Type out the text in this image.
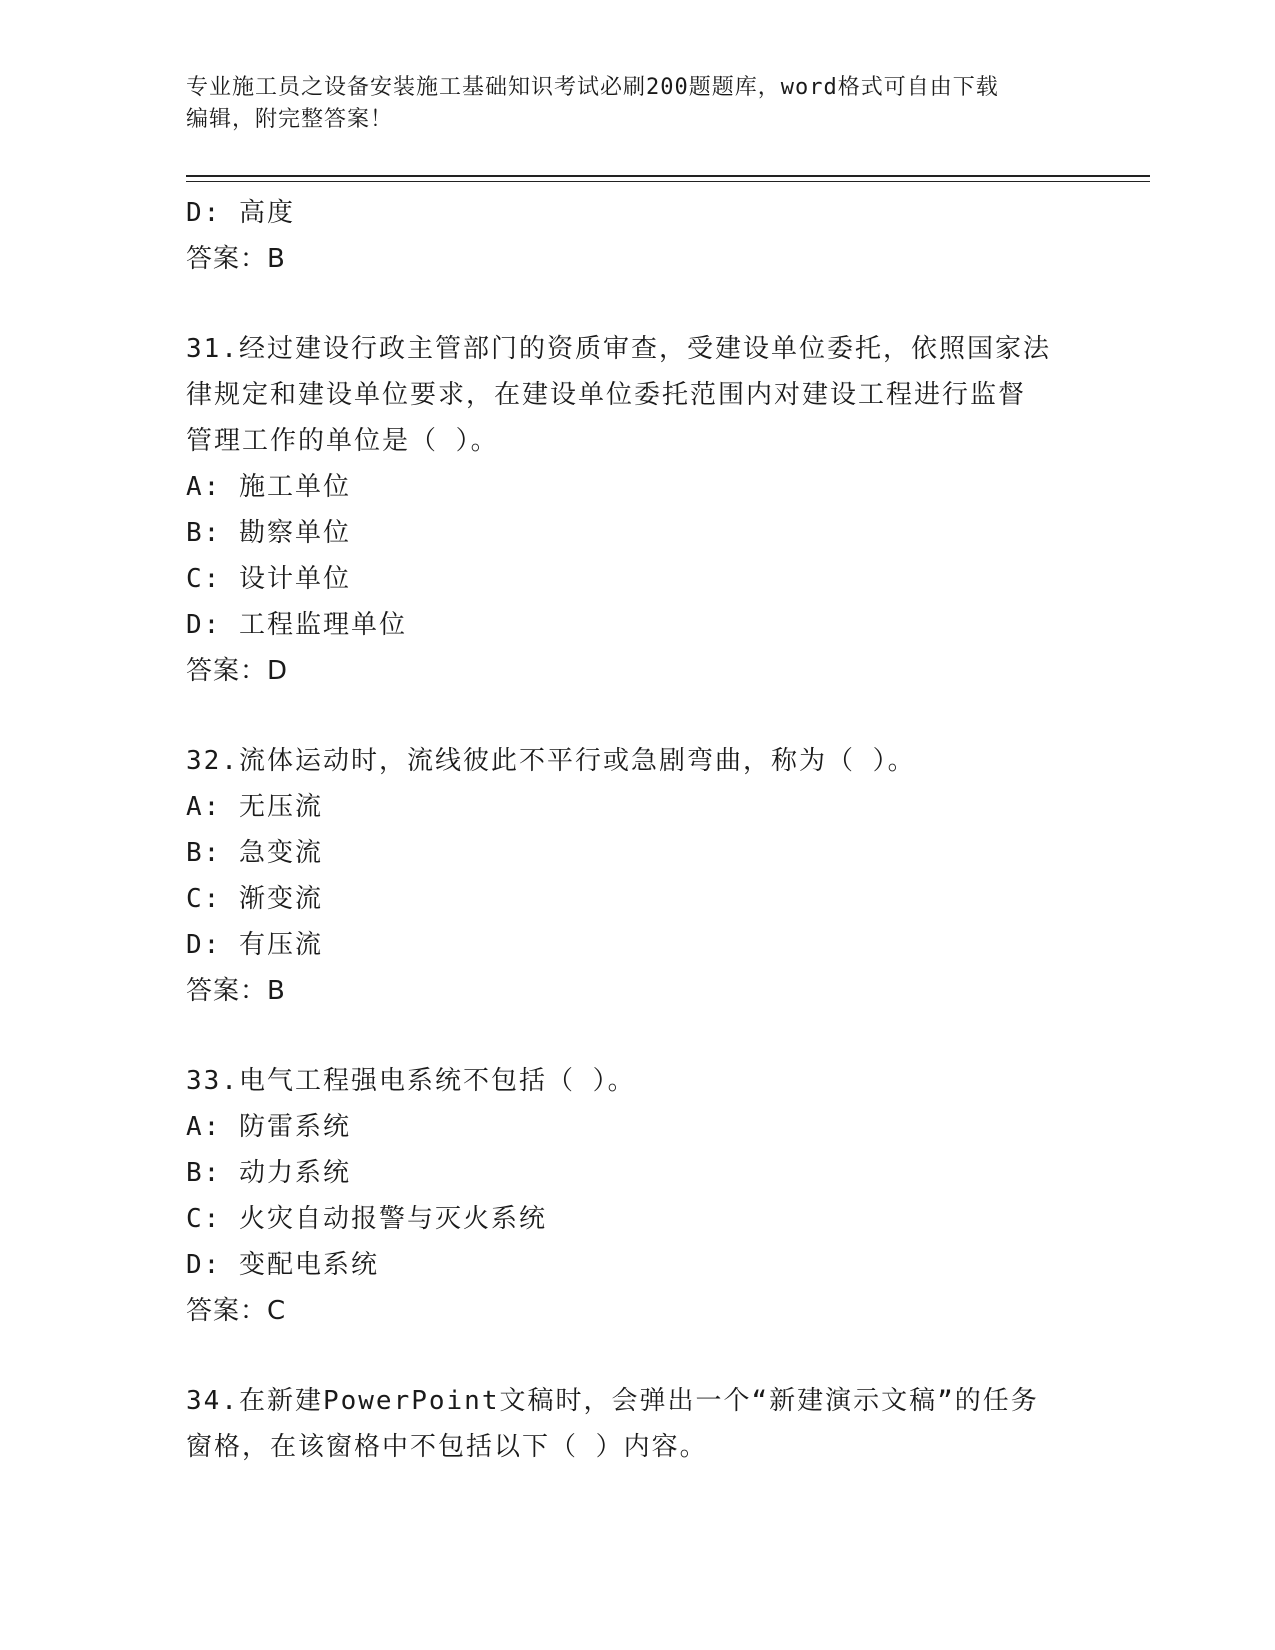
专业施工员之设备安装施工基础知识考试必刷200题题库，word格式可自由下载
编辑，附完整答案！
D: 高度
答案：B
31.经过建设行政主管部门的资质审查，受建设单位委托，依照国家法
律规定和建设单位要求，在建设单位委托范围内对建设工程进行监督
管理工作的单位是（ ）。
A: 施工单位
B: 勘察单位
C: 设计单位
D: 工程监理单位
答案：D
32.流体运动时，流线彼此不平行或急剧弯曲，称为（ ）。
A: 无压流
B: 急变流
C: 渐变流
D: 有压流
答案：B
33.电气工程强电系统不包括（ ）。
A: 防雷系统
B: 动力系统
C: 火灾自动报警与灭火系统
D: 变配电系统
答案：C
34.在新建PowerPoint文稿时，会弹出一个“新建演示文稿”的任务
窗格，在该窗格中不包括以下（ ）内容。
